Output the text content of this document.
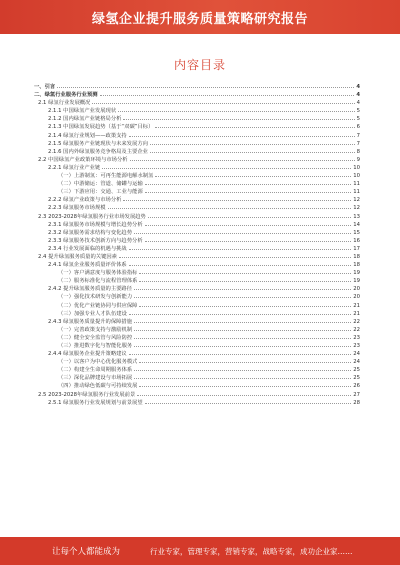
绿氢企业提升服务质量策略研究报告
内容目录
一、引言	4
二、绿氢行业服务行业预测	4
2.1 绿氢行业发展概况	4
2.1.1 中国绿氢产业发展现状	5
2.1.2 国内绿氢产业链格局分析	5
2.1.3 中国绿氢发展趋势（基于“双碳”目标）	6
2.1.4 绿氢行业规划——政策支持	7
2.1.5 绿氢服务产业链现状与未来发展方向	7
2.1.6 国内外绿氢服务竞争格局及主要企业	8
2.2 中国绿氢产业政策环境与市场分析	9
2.2.1 绿氢行业产业链	10
（一）上游制氢：可再生能源电解水制氢	10
（二）中游储运：管道、储罐与运输	11
（三）下游应用：交通、工业与能源	11
2.2.2 绿氢产业政策与市场分析	12
2.2.3 绿氢服务市场规模	12
2.3 2023-2028年绿氢服务行业市场发展趋势	13
2.3.1 绿氢服务市场规模与增长趋势分析	14
2.3.2 绿氢服务需求结构与变化趋势	15
2.3.3 绿氢服务技术创新方向与趋势分析	16
2.3.4 行业发展面临的机遇与挑战	17
2.4 提升绿氢服务质量的关键因素	18
2.4.1 绿氢企业服务质量评价体系	18
（一）客户满意度与服务体验指标	19
（二）服务标准化与流程管理体系	19
2.4.2 提升绿氢服务质量的主要路径	20
（一）强化技术研发与创新能力	20
（二）优化产业链协同与供应保障	21
（三）加强专业人才队伍建设	21
2.4.3 绿氢服务质量提升的保障措施	22
（一）完善政策支持与激励机制	22
（二）健全安全监管与风险防控	23
（三）推进数字化与智能化服务	23
2.4.4 绿氢服务企业提升策略建议	24
（一）以客户为中心优化服务模式	24
（二）构建全生命周期服务体系	25
（三）深化品牌建设与市场拓展	25
（四）推动绿色低碳与可持续发展	26
2.5 2023-2028年绿氢服务行业发展前景	27
2.5.1 绿氢服务行业发展规划与前景展望	28
让每个人都能成为	行业专家，管理专家，营销专家，战略专家，成功企业家……
